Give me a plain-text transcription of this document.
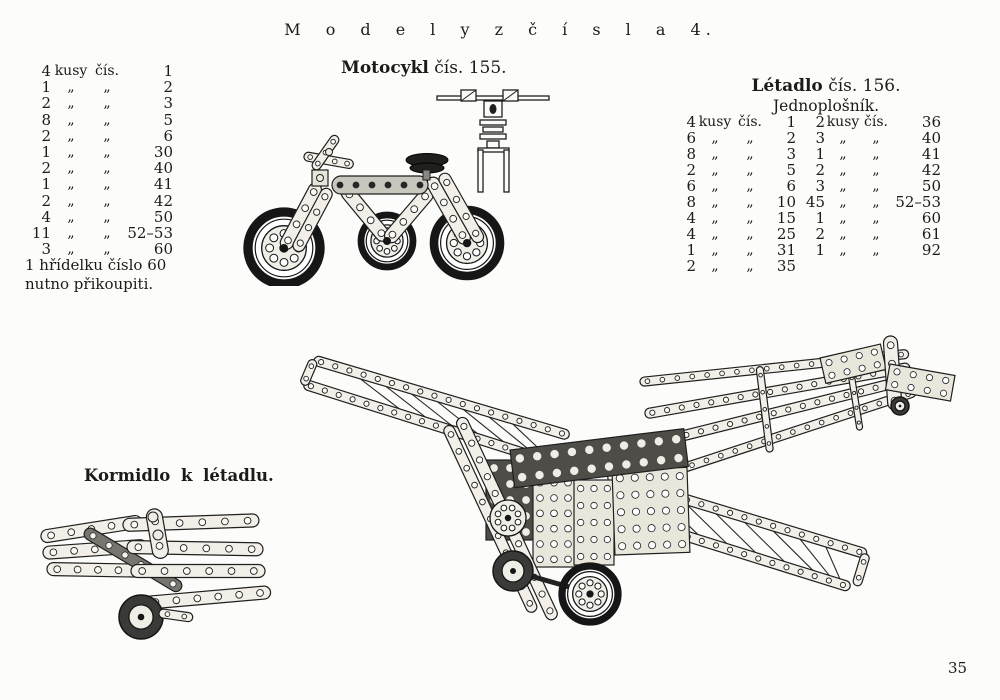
M o d e l y z č í s l a 4.
Motocykl čís. 155.
4 kusy čís.	1
1	„	„	2
2	„	„	3
8	„	„	5
2	„	„	6
1	„	„	30
2	„	„	40
1	„	„	41
2	„	„	42
4	„	„	50
11	„	„	52–53
3	„	„	60
1 hřídelku číslo 60
nutno přikoupiti.
Létadlo čís. 156.
Jednoplošník.
4 kusy čís.	1
6	„	„	2
8	„	„	3
2	„	„	5
6	„	„	6
8	„	„	10
4	„	„	15
4	„	„	25
1	„	„	31
2	„	„	35
2 kusy čís.	36
3	„	„	40
1	„	„	41
2	„	„	42
3	„	„	50
45	„	„	52–53
1	„	„	60
2	„	„	61
1	„	„	92
Kormidlo k létadlu.
35
